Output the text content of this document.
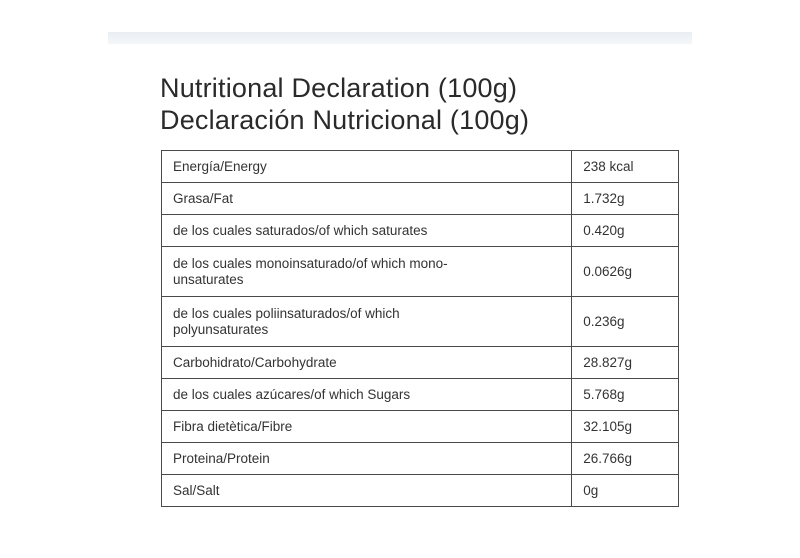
Nutritional Declaration (100g)
Declaración Nutricional (100g)
Energía/Energy	238 kcal
Grasa/Fat	1.732g
de los cuales saturados/of which saturates	0.420g
de los cuales monoinsaturado/of which mono-unsaturates	0.0626g
de los cuales poliinsaturados/of which polyunsaturates	0.236g
Carbohidrato/Carbohydrate	28.827g
de los cuales azúcares/of which Sugars	5.768g
Fibra dietètica/Fibre	32.105g
Proteina/Protein	26.766g
Sal/Salt	0g
